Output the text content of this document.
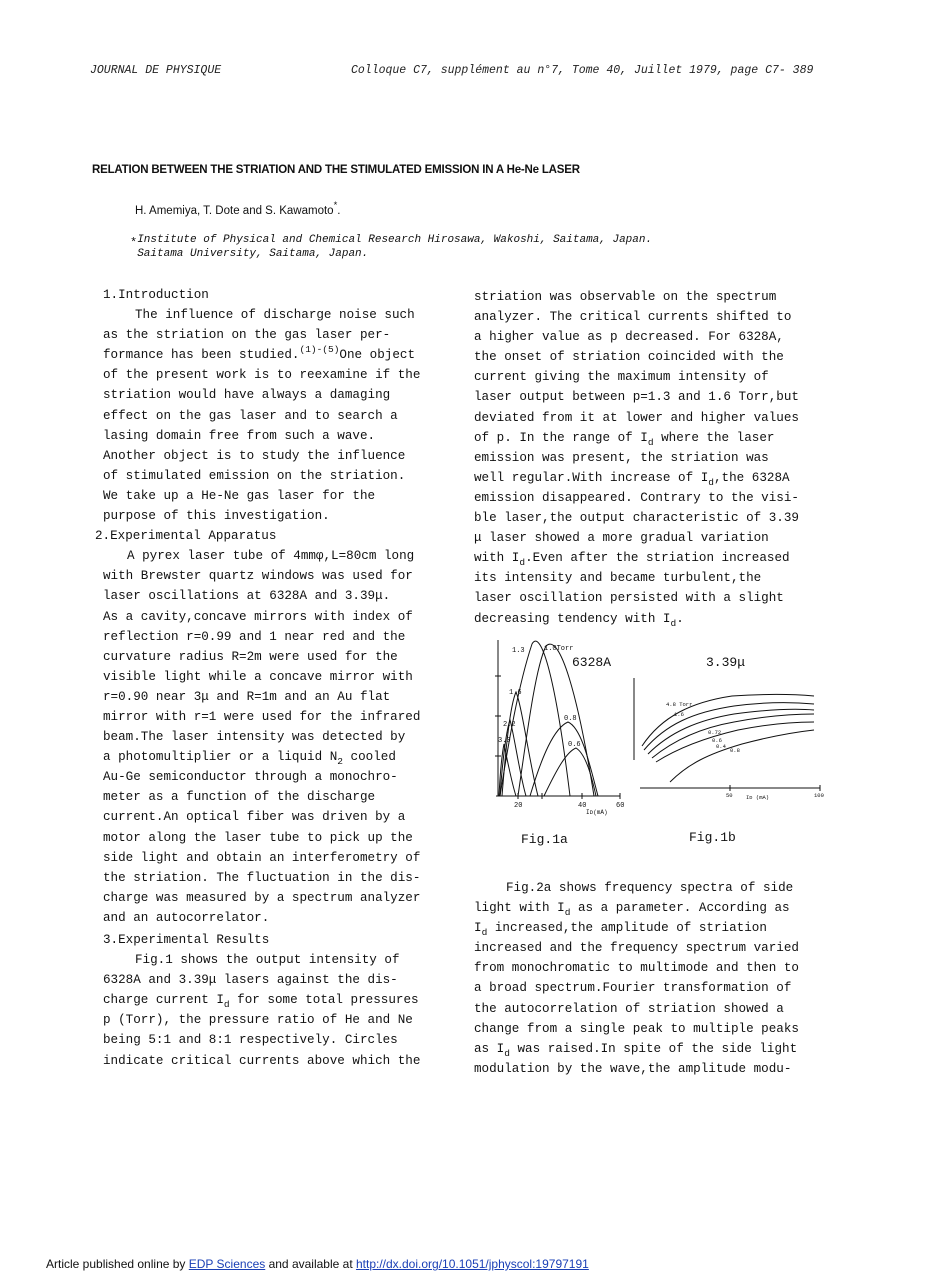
JOURNAL DE PHYSIQUE	Colloque C7, supplément au n°7, Tome 40, Juillet 1979, page C7- 389
RELATION BETWEEN THE STRIATION AND THE STIMULATED EMISSION IN A He-Ne LASER
H. Amemiya, T. Dote and S. Kawamoto*.
*Institute of Physical and Chemical Research Hirosawa, Wakoshi, Saitama, Japan.
Saitama University, Saitama, Japan.
1.Introduction
The influence of discharge noise such
as the striation on the gas laser per-
formance has been studied.$^{(1)-(5)}$One object
of the present work is to reexamine if the
striation would have always a damaging
effect on the gas laser and to search a
lasing domain free from such a wave.
Another object is to study the influence
of stimulated emission on the striation.
We take up a He-Ne gas laser for the
purpose of this investigation.
2.Experimental Apparatus
A pyrex laser tube of 4mmφ,L=80cm long
with Brewster quartz windows was used for
laser oscillations at 6328A and 3.39μ.
As a cavity,concave mirrors with index of
reflection r=0.99 and 1 near red and the
curvature radius R=2m were used for the
visible light while a concave mirror with
r=0.90 near 3μ and R=1m and an Au flat
mirror with r=1 were used for the infrared
beam.The laser intensity was detected by
a photomultiplier or a liquid $N_2$ cooled
Au-Ge semiconductor through a monochro-
meter as a function of the discharge
current.An optical fiber was driven by a
motor along the laser tube to pick up the
side light and obtain an interferometry of
the striation. The fluctuation in the dis-
charge was measured by a spectrum analyzer
and an autocorrelator.
3.Experimental Results
Fig.1 shows the output intensity of
6328A and 3.39μ lasers against the dis-
charge current $I_d$ for some total pressures
p (Torr), the pressure ratio of He and Ne
being 5:1 and 8:1 respectively. Circles
indicate critical currents above which the
striation was observable on the spectrum
analyzer. The critical currents shifted to
a higher value as p decreased. For 6328A,
the onset of striation coincided with the
current giving the maximum intensity of
laser output between p=1.3 and 1.6 Torr,but
deviated from it at lower and higher values
of p. In the range of $I_d$ where the laser
emission was present, the striation was
well regular.With increase of $I_d,the$ 6328A
emission disappeared. Contrary to the visi-
ble laser,the output characteristic of 3.39
μ laser showed a more gradual variation
with $I_d.Even$ after the striation increased
its intensity and became turbulent,the
laser oscillation persisted with a slight
decreasing tendency with $I_d$.
1.3	1.0Torr
1.6
2.2
3.0
0.8
0.6
20	40	60
Iᴅ(mA)
6328A
4.8 Torr
1.6
0.72
0.6
0.4
0.8
50	100
Iᴅ (mA)
3.39μ
Fig.1a	Fig.1b
Fig.2a shows frequency spectra of side
light with $I_d$ as a parameter. According as
$I_d$ increased,the amplitude of striation
increased and the frequency spectrum varied
from monochromatic to multimode and then to
a broad spectrum.Fourier transformation of
the autocorrelation of striation showed a
change from a single peak to multiple peaks
as $I_d$ was raised.In spite of the side light
modulation by the wave,the amplitude modu-
Article published online by EDP Sciences and available at http://dx.doi.org/10.1051/jphyscol:19797191
